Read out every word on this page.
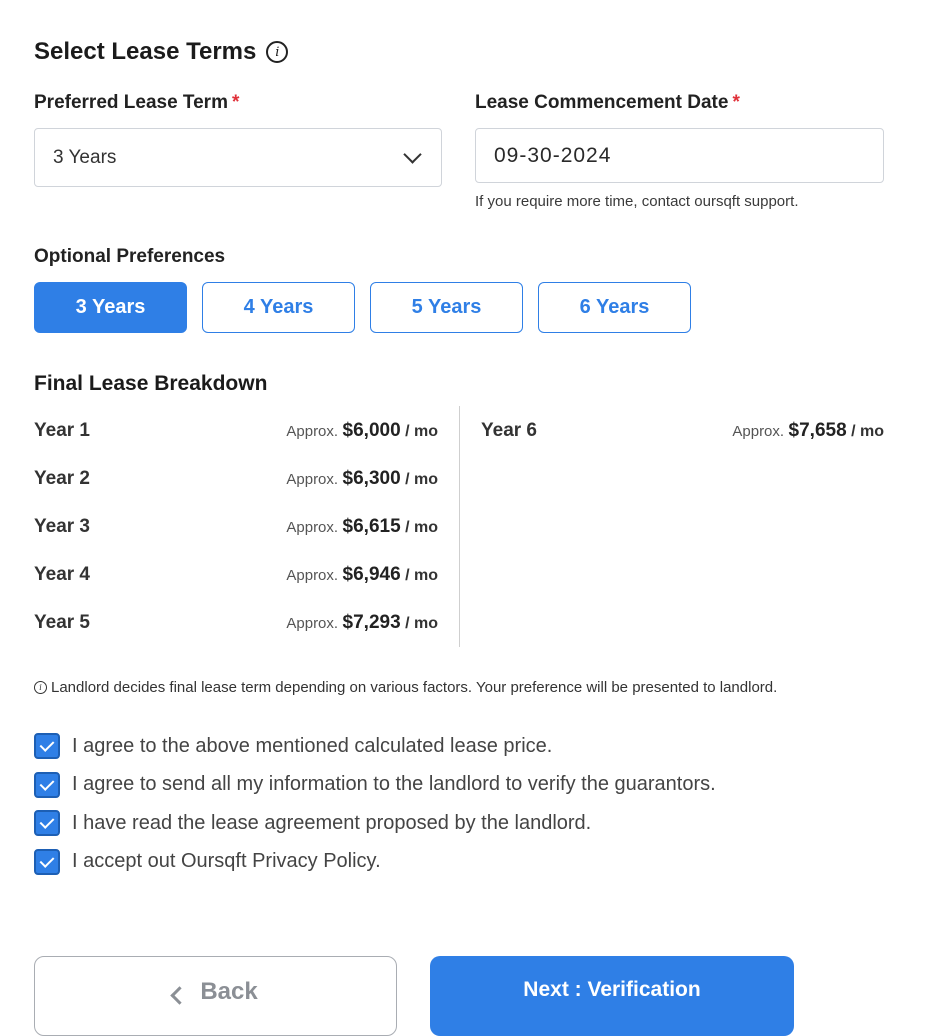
Select Lease Terms	i
Preferred Lease Term *
3 Years
Lease Commencement Date *
09-30-2024
If you require more time, contact oursqft support.
Optional Preferences
3 Years	4 Years	5 Years	6 Years
Final Lease Breakdown
Year 1	Approx. $6,000 / mo
Year 2	Approx. $6,300 / mo
Year 3	Approx. $6,615 / mo
Year 4	Approx. $6,946 / mo
Year 5	Approx. $7,293 / mo
Year 6	Approx. $7,658 / mo
i Landlord decides final lease term depending on various factors. Your preference will be presented to landlord.
I agree to the above mentioned calculated lease price.
I agree to send all my information to the landlord to verify the guarantors.
I have read the lease agreement proposed by the landlord.
I accept out Oursqft Privacy Policy.
Back	Next : Verification
